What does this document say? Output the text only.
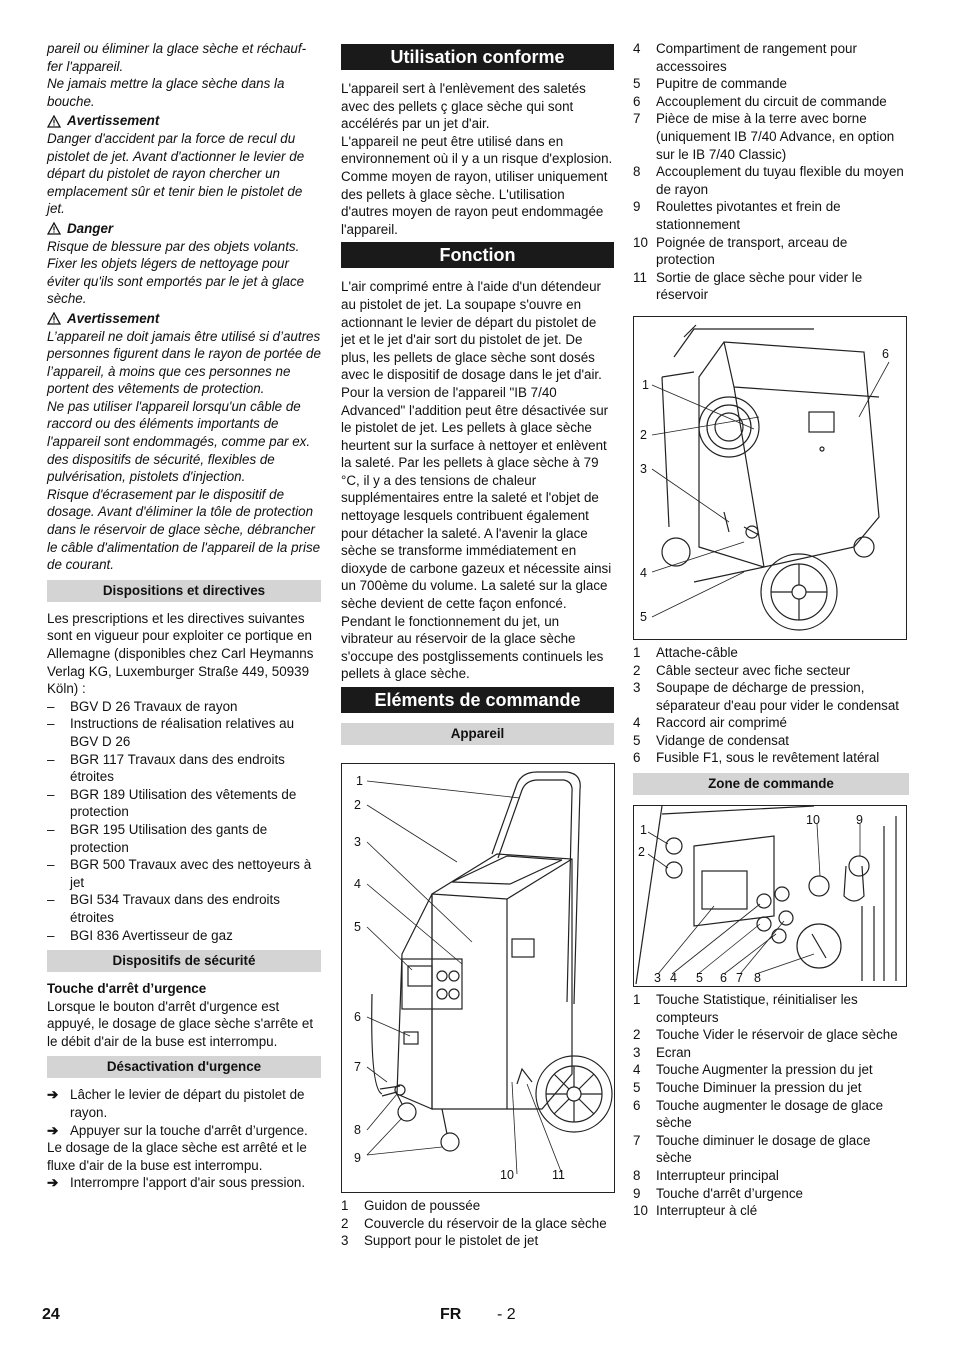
pareil ou éliminer la glace sèche et réchauf-

fer l'appareil.

Ne jamais mettre la glace sèche dans la

bouche.

Avertissement

Danger d'accident par la force de recul du pistolet de jet. Avant d'actionner le levier de départ du pistolet de rayon chercher un emplacement sûr et tenir bien le pistolet de jet.

Danger

Risque de blessure par des objets volants. Fixer les objets légers de nettoyage pour éviter qu'ils sont emportés par le jet à glace sèche.

Avertissement

L’appareil ne doit jamais être utilisé si d’autres personnes figurent dans le rayon de portée de l’appareil, à moins que ces personnes ne portent des vêtements de protection.

Ne pas utiliser l'appareil lorsqu'un câble de raccord ou des éléments importants de l'appareil sont endommagés, comme par ex. des dispositifs de sécurité, flexibles de pulvérisation, pistolets d'injection.

Risque d'écrasement par le dispositif de dosage. Avant d'éliminer la tôle de protection dans le réservoir de glace sèche, débrancher le câble d'alimentation de l'appareil de la prise de courant.

Dispositions et directives

Les prescriptions et les directives suivantes sont en vigueur pour exploiter ce portique en Allemagne (disponibles chez Carl Heymanns Verlag KG, Luxemburger Straße 449, 50939 Köln) :

– BGV D 26 Travaux de rayon
– Instructions de réalisation relatives au BGV D 26
– BGR 117 Travaux dans des endroits étroites
– BGR 189 Utilisation des vêtements de protection
– BGR 195 Utilisation des gants de protection
– BGR 500 Travaux avec des nettoyeurs à jet
– BGI 534 Travaux dans des endroits étroites
– BGI 836 Avertisseur de gaz
Dispositifs de sécurité

Touche d'arrêt d’urgence

Lorsque le bouton d'arrêt d'urgence est appuyé, le dosage de glace sèche s'arrête et le débit d'air de la buse est interrompu.

Désactivation d'urgence
➔ Lâcher le levier de départ du pistolet de rayon.
➔ Appuyer sur la touche d'arrêt d’urgence.

Le dosage de la glace sèche est arrêté et le fluxe d'air de la buse est interrompu.

➔ Interrompre l'apport d'air sous pression.
Utilisation conforme

L'appareil sert à l'enlèvement des saletés avec des pellets ç glace sèche qui sont accélérés par un jet d'air.

L'appareil ne peut être utilisé dans en environnement où il y a un risque d'explosion. Comme moyen de rayon, utiliser uniquement des pellets à glace sèche. L'utilisation d'autres moyen de rayon peut endommagée l'appareil.

Fonction

L'air comprimé entre à l'aide d'un détendeur au pistolet de jet. La soupape s'ouvre en actionnant le levier de départ du pistolet de jet et le jet d'air sort du pistolet de jet. De plus, les pellets de glace sèche sont dosés avec le dispositif de dosage dans le jet d'air. Pour la version de l'appareil "IB 7/40 Advanced" l'addition peut être désactivée sur le pistolet de jet. Les pellets à glace sèche heurtent sur la surface à nettoyer et enlèvent la saleté. Par les pellets à glace sèche à 79 °C, il y a des tensions de chaleur supplémentaires entre la saleté et l'objet de nettoyage lesquels contribuent également pour détacher la saleté. A l'avenir la glace sèche se transforme immédiatement en dioxyde de carbone gazeux et nécessite ainsi un 700ème du volume. La saleté sur la glace sèche devient de cette façon enfoncé.

Pendant le fonctionnement du jet, un vibrateur au réservoir de la glace sèche s'occupe des postglissements continuels les pellets à glace sèche.

Eléments de commande
Appareil
1
2
3
4
5
6
7
8
9
10	11
1 Guidon de poussée
2 Couvercle du réservoir de la glace sèche
3 Support pour le pistolet de jet
4 Compartiment de rangement pour accessoires
5 Pupitre de commande
6 Accouplement du circuit de commande
7 Pièce de mise à la terre avec borne (uniquement IB 7/40 Advance, en option sur le IB 7/40 Classic)
8 Accouplement du tuyau flexible du moyen de rayon
9 Roulettes pivotantes et frein de stationnement
10 Poignée de transport, arceau de protection
11 Sortie de glace sèche pour vider le réservoir
1
2
3
4
5
6
1 Attache-câble
2 Câble secteur avec fiche secteur
3 Soupape de décharge de pression, séparateur d'eau pour vider le condensat
4 Raccord air comprimé
5 Vidange de condensat
6 Fusible F1, sous le revêtement latéral
Zone de commande
1
2
3 4 5 6 7 8
9
10
1 Touche Statistique, réinitialiser les compteurs
2 Touche Vider le réservoir de glace sèche
3 Ecran
4 Touche Augmenter la pression du jet
5 Touche Diminuer la pression du jet
6 Touche augmenter le dosage de glace sèche
7 Touche diminuer le dosage de glace sèche
8 Interrupteur principal
9 Touche d'arrêt d’urgence
10 Interrupteur à clé
24	FR - 2
